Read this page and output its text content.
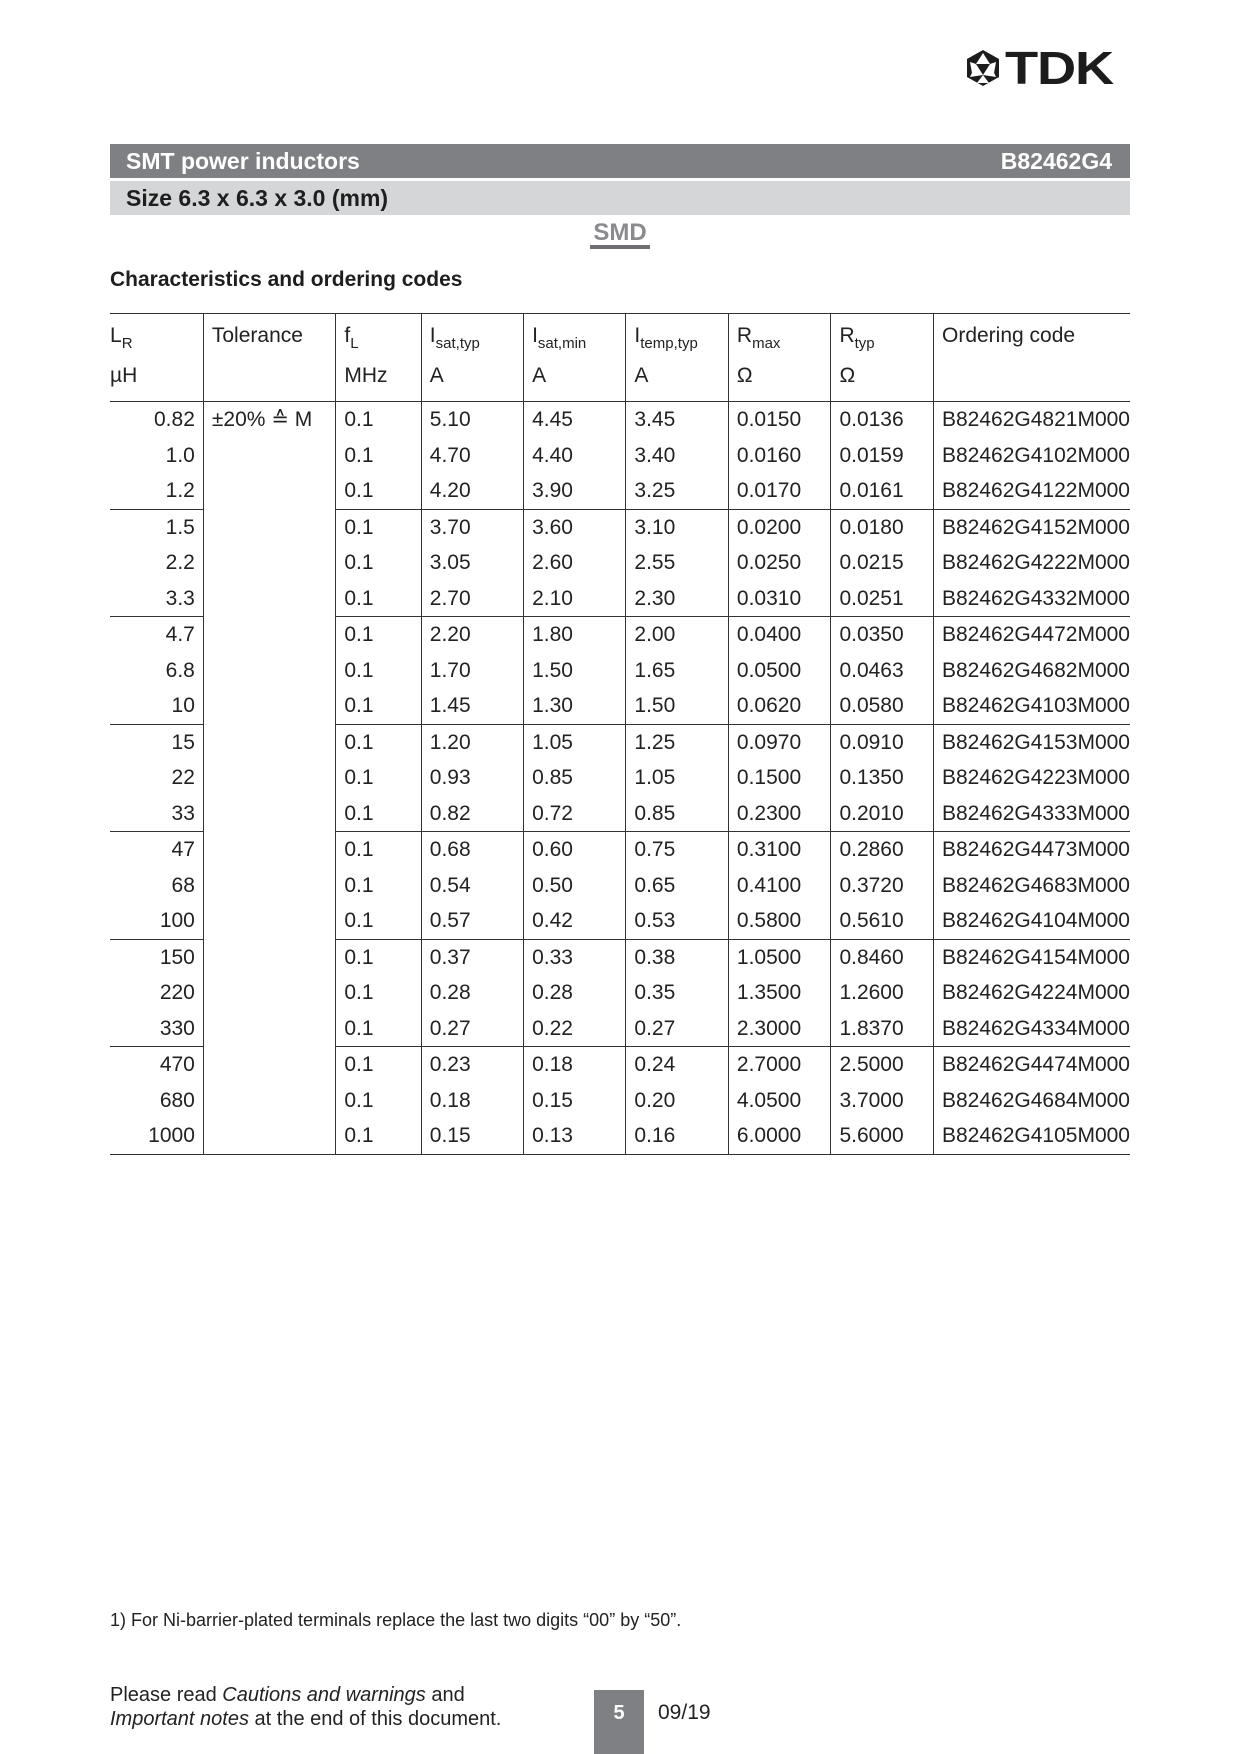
TDK
SMT power inductors	B82462G4
Size 6.3 x 6.3 x 3.0 (mm)
SMD
Characteristics and ordering codes
$L_R$	Tolerance	$f_L$	$I_{sat,typ}$	$I_{sat,min}$	$I_{temp,typ}$	$R_{max}$	$R_{typ}$	Ordering code
µH		MHz	A	A	A	Ω	Ω	
0.82	±20% ≙ M	0.1	5.10	4.45	3.45	0.0150	0.0136	B82462G4821M000
1.0		0.1	4.70	4.40	3.40	0.0160	0.0159	B82462G4102M000
1.2		0.1	4.20	3.90	3.25	0.0170	0.0161	B82462G4122M000
1.5		0.1	3.70	3.60	3.10	0.0200	0.0180	B82462G4152M000
2.2		0.1	3.05	2.60	2.55	0.0250	0.0215	B82462G4222M000
3.3		0.1	2.70	2.10	2.30	0.0310	0.0251	B82462G4332M000
4.7		0.1	2.20	1.80	2.00	0.0400	0.0350	B82462G4472M000
6.8		0.1	1.70	1.50	1.65	0.0500	0.0463	B82462G4682M000
10		0.1	1.45	1.30	1.50	0.0620	0.0580	B82462G4103M000
15		0.1	1.20	1.05	1.25	0.0970	0.0910	B82462G4153M000
22		0.1	0.93	0.85	1.05	0.1500	0.1350	B82462G4223M000
33		0.1	0.82	0.72	0.85	0.2300	0.2010	B82462G4333M000
47		0.1	0.68	0.60	0.75	0.3100	0.2860	B82462G4473M000
68		0.1	0.54	0.50	0.65	0.4100	0.3720	B82462G4683M000
100		0.1	0.57	0.42	0.53	0.5800	0.5610	B82462G4104M000
150		0.1	0.37	0.33	0.38	1.0500	0.8460	B82462G4154M000
220		0.1	0.28	0.28	0.35	1.3500	1.2600	B82462G4224M000
330		0.1	0.27	0.22	0.27	2.3000	1.8370	B82462G4334M000
470		0.1	0.23	0.18	0.24	2.7000	2.5000	B82462G4474M000
680		0.1	0.18	0.15	0.20	4.0500	3.7000	B82462G4684M000
1000		0.1	0.15	0.13	0.16	6.0000	5.6000	B82462G4105M000
1) For Ni-barrier-plated terminals replace the last two digits “00” by “50”.
Please read Cautions and warnings and
Important notes at the end of this document.	5	09/19
